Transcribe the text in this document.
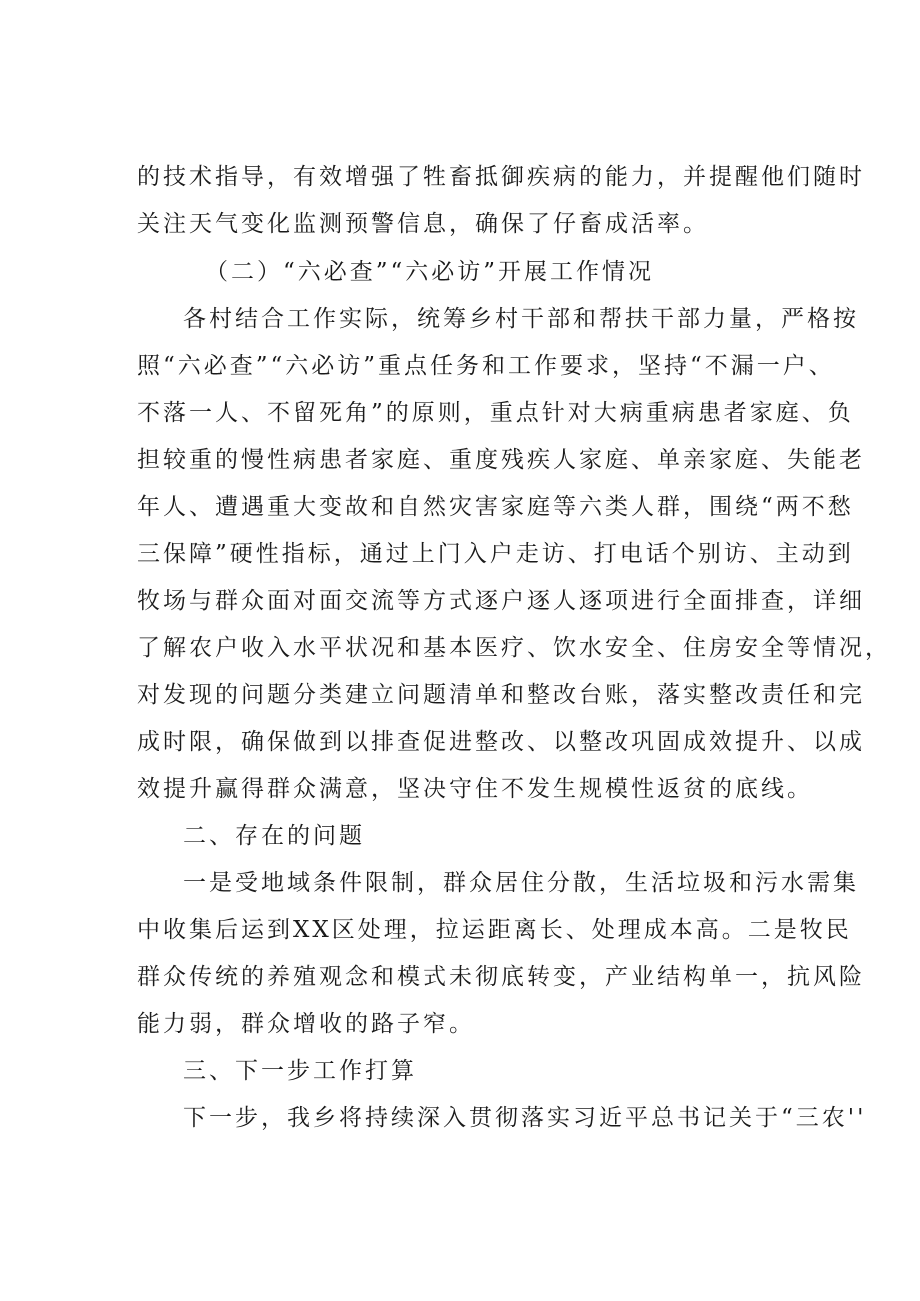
的技术指导，有效增强了牲畜抵御疾病的能力，并提醒他们随时

关注天气变化监测预警信息，确保了仔畜成活率。

（二）“六必查”“六必访”开展工作情况

各村结合工作实际，统筹乡村干部和帮扶干部力量，严格按

照“六必查”“六必访”重点任务和工作要求，坚持“不漏一户、

不落一人、不留死角”的原则，重点针对大病重病患者家庭、负

担较重的慢性病患者家庭、重度残疾人家庭、单亲家庭、失能老

年人、遭遇重大变故和自然灾害家庭等六类人群，围绕“两不愁

三保障”硬性指标，通过上门入户走访、打电话个别访、主动到

牧场与群众面对面交流等方式逐户逐人逐项进行全面排查，详细

了解农户收入水平状况和基本医疗、饮水安全、住房安全等情况，

对发现的问题分类建立问题清单和整改台账，落实整改责任和完

成时限，确保做到以排查促进整改、以整改巩固成效提升、以成

效提升赢得群众满意，坚决守住不发生规模性返贫的底线。

二、存在的问题

一是受地域条件限制，群众居住分散，生活垃圾和污水需集

中收集后运到XX区处理，拉运距离长、处理成本高。二是牧民

群众传统的养殖观念和模式未彻底转变，产业结构单一，抗风险

能力弱，群众增收的路子窄。

三、下一步工作打算

下一步，我乡将持续深入贯彻落实习近平总书记关于“三农''
